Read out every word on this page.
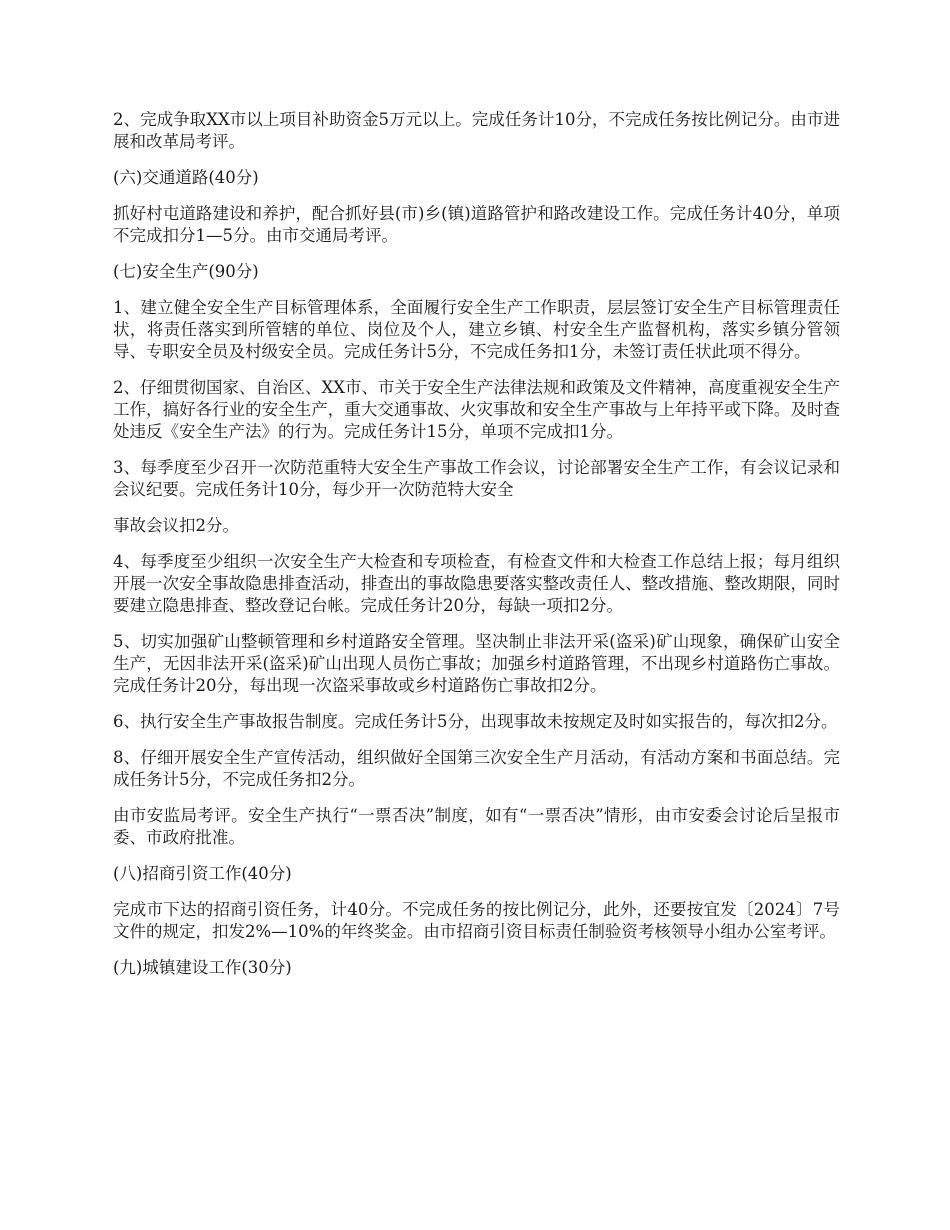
2、完成争取XX市以上项目补助资金5万元以上。完成任务计10分，不完成任务按比例记分。由市进展和改革局考评。

(六)交通道路(40分)

抓好村屯道路建设和养护，配合抓好县(市)乡(镇)道路管护和路改建设工作。完成任务计40分，单项不完成扣分1—5分。由市交通局考评。

(七)安全生产(90分)

1、建立健全安全生产目标管理体系，全面履行安全生产工作职责，层层签订安全生产目标管理责任状，将责任落实到所管辖的单位、岗位及个人，建立乡镇、村安全生产监督机构，落实乡镇分管领导、专职安全员及村级安全员。完成任务计5分，不完成任务扣1分，未签订责任状此项不得分。

2、仔细贯彻国家、自治区、XX市、市关于安全生产法律法规和政策及文件精神，高度重视安全生产工作，搞好各行业的安全生产，重大交通事故、火灾事故和安全生产事故与上年持平或下降。及时查处违反《安全生产法》的行为。完成任务计15分，单项不完成扣1分。

3、每季度至少召开一次防范重特大安全生产事故工作会议，讨论部署安全生产工作，有会议记录和会议纪要。完成任务计10分，每少开一次防范特大安全

事故会议扣2分。

4、每季度至少组织一次安全生产大检查和专项检查，有检查文件和大检查工作总结上报；每月组织开展一次安全事故隐患排查活动，排查出的事故隐患要落实整改责任人、整改措施、整改期限，同时要建立隐患排查、整改登记台帐。完成任务计20分，每缺一项扣2分。

5、切实加强矿山整顿管理和乡村道路安全管理。坚决制止非法开采(盗采)矿山现象，确保矿山安全生产，无因非法开采(盗采)矿山出现人员伤亡事故；加强乡村道路管理，不出现乡村道路伤亡事故。完成任务计20分，每出现一次盗采事故或乡村道路伤亡事故扣2分。

6、执行安全生产事故报告制度。完成任务计5分，出现事故未按规定及时如实报告的，每次扣2分。

8、仔细开展安全生产宣传活动，组织做好全国第三次安全生产月活动，有活动方案和书面总结。完成任务计5分，不完成任务扣2分。

由市安监局考评。安全生产执行“一票否决”制度，如有“一票否决”情形，由市安委会讨论后呈报市委、市政府批准。

(八)招商引资工作(40分)

完成市下达的招商引资任务，计40分。不完成任务的按比例记分，此外，还要按宜发〔2024〕7号文件的规定，扣发2%—10%的年终奖金。由市招商引资目标责任制验资考核领导小组办公室考评。

(九)城镇建设工作(30分)
